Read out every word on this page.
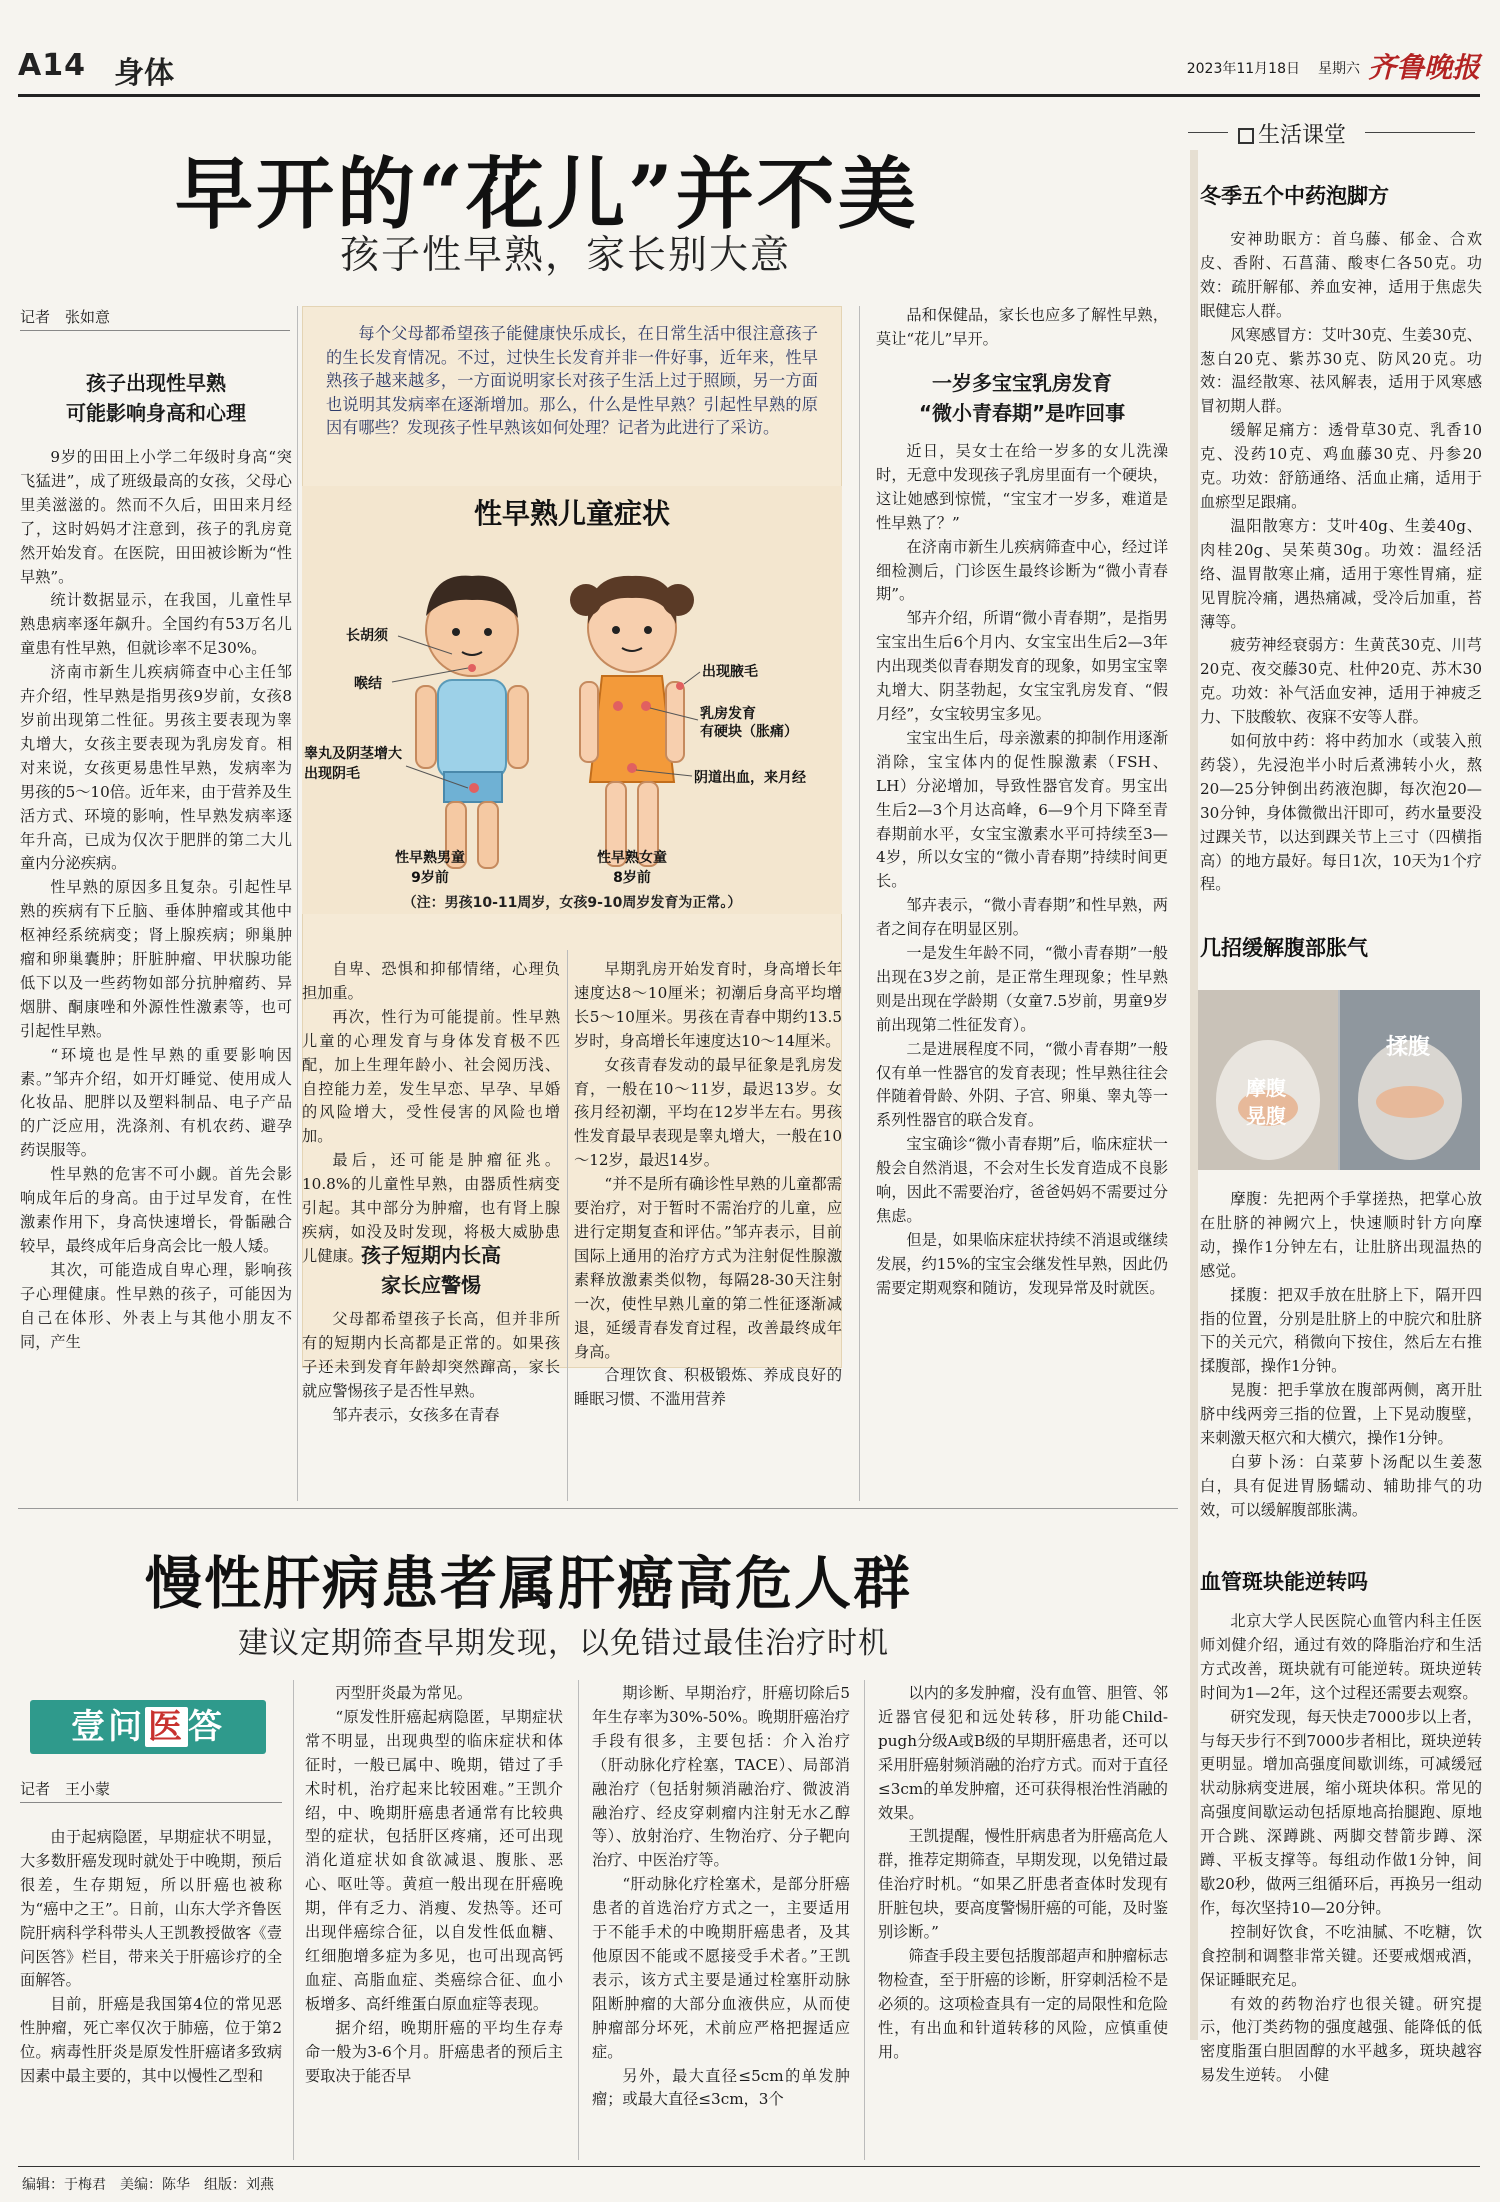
A14 身体	2023年11月18日 星期六 齐鲁晚报
早开的“花儿”并不美
孩子性早熟，家长别大意
记者　张如意
孩子出现性早熟
可能影响身高和心理

9岁的田田上小学二年级时身高“突飞猛进”，成了班级最高的女孩，父母心里美滋滋的。然而不久后，田田来月经了，这时妈妈才注意到，孩子的乳房竟然开始发育。在医院，田田被诊断为“性早熟”。

统计数据显示，在我国，儿童性早熟患病率逐年飙升。全国约有53万名儿童患有性早熟，但就诊率不足30%。

济南市新生儿疾病筛查中心主任邹卉介绍，性早熟是指男孩9岁前，女孩8岁前出现第二性征。男孩主要表现为睾丸增大，女孩主要表现为乳房发育。相对来说，女孩更易患性早熟，发病率为男孩的5～10倍。近年来，由于营养及生活方式、环境的影响，性早熟发病率逐年升高，已成为仅次于肥胖的第二大儿童内分泌疾病。

性早熟的原因多且复杂。引起性早熟的疾病有下丘脑、垂体肿瘤或其他中枢神经系统病变；肾上腺疾病；卵巢肿瘤和卵巢囊肿；肝脏肿瘤、甲状腺功能低下以及一些药物如部分抗肿瘤药、异烟肼、酮康唑和外源性性激素等，也可引起性早熟。

“环境也是性早熟的重要影响因素。”邹卉介绍，如开灯睡觉、使用成人化妆品、肥胖以及塑料制品、电子产品的广泛应用，洗涤剂、有机农药、避孕药误服等。

性早熟的危害不可小觑。首先会影响成年后的身高。由于过早发育，在性激素作用下，身高快速增长，骨骺融合较早，最终成年后身高会比一般人矮。

其次，可能造成自卑心理，影响孩子心理健康。性早熟的孩子，可能因为自己在体形、外表上与其他小朋友不同，产生

每个父母都希望孩子能健康快乐成长，在日常生活中很注意孩子的生长发育情况。不过，过快生长发育并非一件好事，近年来，性早熟孩子越来越多，一方面说明家长对孩子生活上过于照顾，另一方面也说明其发病率在逐渐增加。那么，什么是性早熟？引起性早熟的原因有哪些？发现孩子性早熟该如何处理？记者为此进行了采访。

性早熟儿童症状
长胡须
喉结
睾丸及阴茎增大
出现阴毛
性早熟男童
9岁前
出现腋毛
乳房发育
有硬块（胀痛）
阴道出血，来月经
性早熟女童
8岁前
（注：男孩10-11周岁，女孩9-10周岁发育为正常。）

自卑、恐惧和抑郁情绪，心理负担加重。

再次，性行为可能提前。性早熟儿童的心理发育与身体发育极不匹配，加上生理年龄小、社会阅历浅、自控能力差，发生早恋、早孕、早婚的风险增大，受性侵害的风险也增加。

最后，还可能是肿瘤征兆。10.8%的儿童性早熟，由器质性病变引起。其中部分为肿瘤，也有肾上腺疾病，如没及时发现，将极大威胁患儿健康。

孩子短期内长高
家长应警惕

父母都希望孩子长高，但并非所有的短期内长高都是正常的。如果孩子还未到发育年龄却突然蹿高，家长就应警惕孩子是否性早熟。

邹卉表示，女孩多在青春

早期乳房开始发育时，身高增长年速度达8～10厘米；初潮后身高平均增长5～10厘米。男孩在青春中期约13.5岁时，身高增长年速度达10～14厘米。

女孩青春发动的最早征象是乳房发育，一般在10～11岁，最迟13岁。女孩月经初潮，平均在12岁半左右。男孩性发育最早表现是睾丸增大，一般在10～12岁，最迟14岁。

“并不是所有确诊性早熟的儿童都需要治疗，对于暂时不需治疗的儿童，应进行定期复查和评估。”邹卉表示，目前国际上通用的治疗方式为注射促性腺激素释放激素类似物，每隔28-30天注射一次，使性早熟儿童的第二性征逐渐减退，延缓青春发育过程，改善最终成年身高。

合理饮食、积极锻炼、养成良好的睡眠习惯、不滥用营养

品和保健品，家长也应多了解性早熟，莫让“花儿”早开。

一岁多宝宝乳房发育
“微小青春期”是咋回事

近日，吴女士在给一岁多的女儿洗澡时，无意中发现孩子乳房里面有一个硬块，这让她感到惊慌，“宝宝才一岁多，难道是性早熟了？”

在济南市新生儿疾病筛查中心，经过详细检测后，门诊医生最终诊断为“微小青春期”。

邹卉介绍，所谓“微小青春期”，是指男宝宝出生后6个月内、女宝宝出生后2—3年内出现类似青春期发育的现象，如男宝宝睾丸增大、阴茎勃起，女宝宝乳房发育、“假月经”，女宝较男宝多见。

宝宝出生后，母亲激素的抑制作用逐渐消除，宝宝体内的促性腺激素（FSH、LH）分泌增加，导致性器官发育。男宝出生后2—3个月达高峰，6—9个月下降至青春期前水平，女宝宝激素水平可持续至3—4岁，所以女宝的“微小青春期”持续时间更长。

邹卉表示，“微小青春期”和性早熟，两者之间存在明显区别。

一是发生年龄不同，“微小青春期”一般出现在3岁之前，是正常生理现象；性早熟则是出现在学龄期（女童7.5岁前，男童9岁前出现第二性征发育）。

二是进展程度不同，“微小青春期”一般仅有单一性器官的发育表现；性早熟往往会伴随着骨龄、外阴、子宫、卵巢、睾丸等一系列性器官的联合发育。

宝宝确诊“微小青春期”后，临床症状一般会自然消退，不会对生长发育造成不良影响，因此不需要治疗，爸爸妈妈不需要过分焦虑。

但是，如果临床症状持续不消退或继续发展，约15%的宝宝会继发性早熟，因此仍需要定期观察和随访，发现异常及时就医。

生活课堂
冬季五个中药泡脚方

安神助眠方：首乌藤、郁金、合欢皮、香附、石菖蒲、酸枣仁各50克。功效：疏肝解郁、养血安神，适用于焦虑失眠健忘人群。

风寒感冒方：艾叶30克、生姜30克、葱白20克、紫苏30克、防风20克。功效：温经散寒、祛风解表，适用于风寒感冒初期人群。

缓解足痛方：透骨草30克、乳香10克、没药10克、鸡血藤30克、丹参20克。功效：舒筋通络、活血止痛，适用于血瘀型足跟痛。

温阳散寒方：艾叶40g、生姜40g、肉桂20g、吴茱萸30g。功效：温经活络、温胃散寒止痛，适用于寒性胃痛，症见胃脘冷痛，遇热痛减，受冷后加重，苔薄等。

疲劳神经衰弱方：生黄芪30克、川芎20克、夜交藤30克、杜仲20克、苏木30克。功效：补气活血安神，适用于神疲乏力、下肢酸软、夜寐不安等人群。

如何放中药：将中药加水（或装入煎药袋），先浸泡半小时后煮沸转小火，熬20—25分钟倒出药液泡脚，每次泡20—30分钟，身体微微出汗即可，药水量要没过踝关节，以达到踝关节上三寸（四横指高）的地方最好。每日1次，10天为1个疗程。

几招缓解腹部胀气
揉腹
摩腹
晃腹

摩腹：先把两个手掌搓热，把掌心放在肚脐的神阙穴上，快速顺时针方向摩动，操作1分钟左右，让肚脐出现温热的感觉。

揉腹：把双手放在肚脐上下，隔开四指的位置，分别是肚脐上的中脘穴和肚脐下的关元穴，稍微向下按住，然后左右推揉腹部，操作1分钟。

晃腹：把手掌放在腹部两侧，离开肚脐中线两旁三指的位置，上下晃动腹壁，来刺激天枢穴和大横穴，操作1分钟。

白萝卜汤：白菜萝卜汤配以生姜葱白，具有促进胃肠蠕动、辅助排气的功效，可以缓解腹部胀满。

血管斑块能逆转吗

北京大学人民医院心血管内科主任医师刘健介绍，通过有效的降脂治疗和生活方式改善，斑块就有可能逆转。斑块逆转时间为1—2年，这个过程还需要去观察。

研究发现，每天快走7000步以上者，与每天步行不到7000步者相比，斑块逆转更明显。增加高强度间歇训练，可减缓冠状动脉病变进展，缩小斑块体积。常见的高强度间歇运动包括原地高抬腿跑、原地开合跳、深蹲跳、两脚交替箭步蹲、深蹲、平板支撑等。每组动作做1分钟，间歇20秒，做两三组循环后，再换另一组动作，每次坚持10—20分钟。

控制好饮食，不吃油腻、不吃糖，饮食控制和调整非常关键。还要戒烟戒酒，保证睡眠充足。

有效的药物治疗也很关键。研究提示，他汀类药物的强度越强、能降低的低密度脂蛋白胆固醇的水平越多，斑块越容易发生逆转。　小健

慢性肝病患者属肝癌高危人群
建议定期筛查早期发现，以免错过最佳治疗时机
壹问医答
记者　王小蒙

由于起病隐匿，早期症状不明显，大多数肝癌发现时就处于中晚期，预后很差，生存期短，所以肝癌也被称为“癌中之王”。日前，山东大学齐鲁医院肝病科学科带头人王凯教授做客《壹问医答》栏目，带来关于肝癌诊疗的全面解答。

目前，肝癌是我国第4位的常见恶性肿瘤，死亡率仅次于肺癌，位于第2位。病毒性肝炎是原发性肝癌诸多致病因素中最主要的，其中以慢性乙型和

丙型肝炎最为常见。

“原发性肝癌起病隐匿，早期症状常不明显，出现典型的临床症状和体征时，一般已属中、晚期，错过了手术时机，治疗起来比较困难。”王凯介绍，中、晚期肝癌患者通常有比较典型的症状，包括肝区疼痛，还可出现消化道症状如食欲减退、腹胀、恶心、呕吐等。黄疸一般出现在肝癌晚期，伴有乏力、消瘦、发热等。还可出现伴癌综合征，以自发性低血糖、红细胞增多症为多见，也可出现高钙血症、高脂血症、类癌综合征、血小板增多、高纤维蛋白原血症等表现。

据介绍，晚期肝癌的平均生存寿命一般为3-6个月。肝癌患者的预后主要取决于能否早

期诊断、早期治疗，肝癌切除后5年生存率为30%-50%。晚期肝癌治疗手段有很多，主要包括：介入治疗（肝动脉化疗栓塞，TACE）、局部消融治疗（包括射频消融治疗、微波消融治疗、经皮穿刺瘤内注射无水乙醇等）、放射治疗、生物治疗、分子靶向治疗、中医治疗等。

“肝动脉化疗栓塞术，是部分肝癌患者的首选治疗方式之一，主要适用于不能手术的中晚期肝癌患者，及其他原因不能或不愿接受手术者。”王凯表示，该方式主要是通过栓塞肝动脉阻断肿瘤的大部分血液供应，从而使肿瘤部分坏死，术前应严格把握适应症。

另外，最大直径≤5cm的单发肿瘤；或最大直径≤3cm，3个

以内的多发肿瘤，没有血管、胆管、邻近器官侵犯和远处转移，肝功能Child-pugh分级A或B级的早期肝癌患者，还可以采用肝癌射频消融的治疗方式。而对于直径≤3cm的单发肿瘤，还可获得根治性消融的效果。

王凯提醒，慢性肝病患者为肝癌高危人群，推荐定期筛查，早期发现，以免错过最佳治疗时机。“如果乙肝患者查体时发现有肝脏包块，要高度警惕肝癌的可能，及时鉴别诊断。”

筛查手段主要包括腹部超声和肿瘤标志物检查，至于肝癌的诊断，肝穿刺活检不是必须的。这项检查具有一定的局限性和危险性，有出血和针道转移的风险，应慎重使用。

编辑：于梅君　美编：陈华　组版：刘燕
